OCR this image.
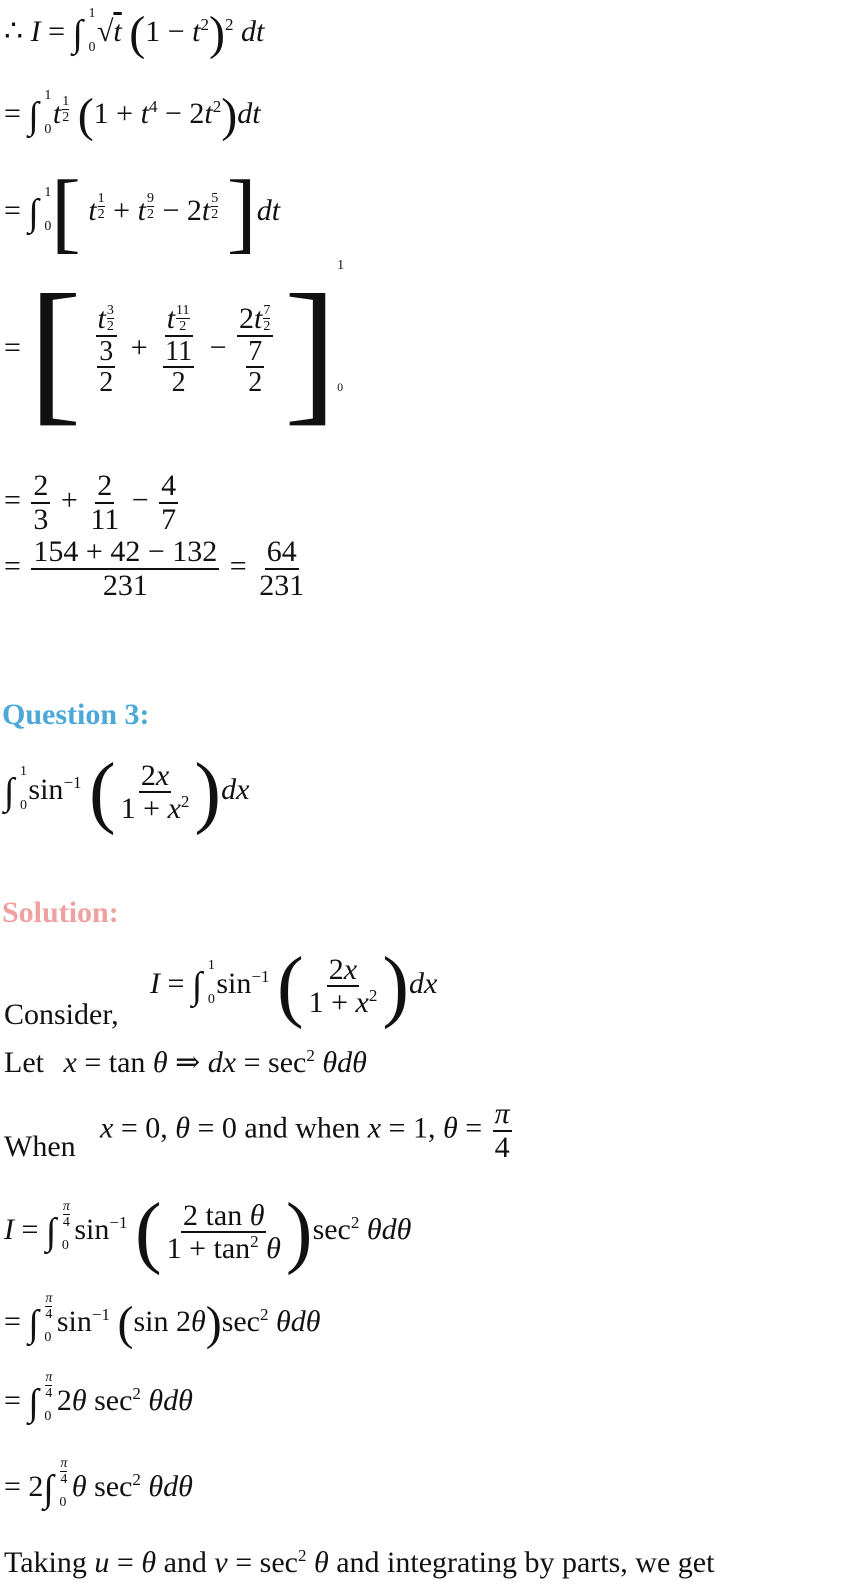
∴ I = ∫ 1
0 √t $(1 - t^2)^2$ dt
= ∫ 1
0 t $\frac{1}{2} (1 + t^4 - 2t^2)dt$
= ∫ 1
0 [ t $\frac{1}{2} + t \frac{9}{2} - 2t \frac{5}{2} ]dt$
= [ $\frac{t \frac{3}{2}}{\frac{3}{2}} + \frac{t \frac{11}{2}}{\frac{11}{2}} - \frac{2t \frac{7}{2}}{\frac{7}{2}}$ ] 1
0
= $\frac{2}{3} + \frac{2}{11} - \frac{4}{7}$
= $\frac{154 + 42 - 132}{231} = \frac{64}{231}$
Question 3:
∫ 1
0 $\sin^{-1}$ ( $\frac{2x}{1 + x^2} )dx$
Solution:
I = ∫ 1
0 $\sin^{-1}$ ( $\frac{2x}{1 + x^2} )dx$
Consider,
Let x = tan θ ⇒ dx = $\sec^2 \theta d\theta$
x = 0, θ = 0 and when x = 1, $\theta = \frac{\pi}{4}$
When
I = ∫ $\frac{\pi}{4}$
0 $\sin^{-1}$ ( $\frac{\text{2 tan θ}}{1 + \tan^2 \theta} )\sec^2$ θdθ
= ∫ $\frac{\pi}{4}$
0 $\sin^{-1} (\sin$ $2\theta)\sec^2$ θdθ
= ∫ $\frac{\pi}{4}$
0 2θ $\sec^2 \theta d\theta$
= $2\int \frac{\pi}{4}$
0 θ $\sec^2 \theta d\theta$
Taking u = θ and $v = \sec^2 \theta$ and integrating by parts, we get
